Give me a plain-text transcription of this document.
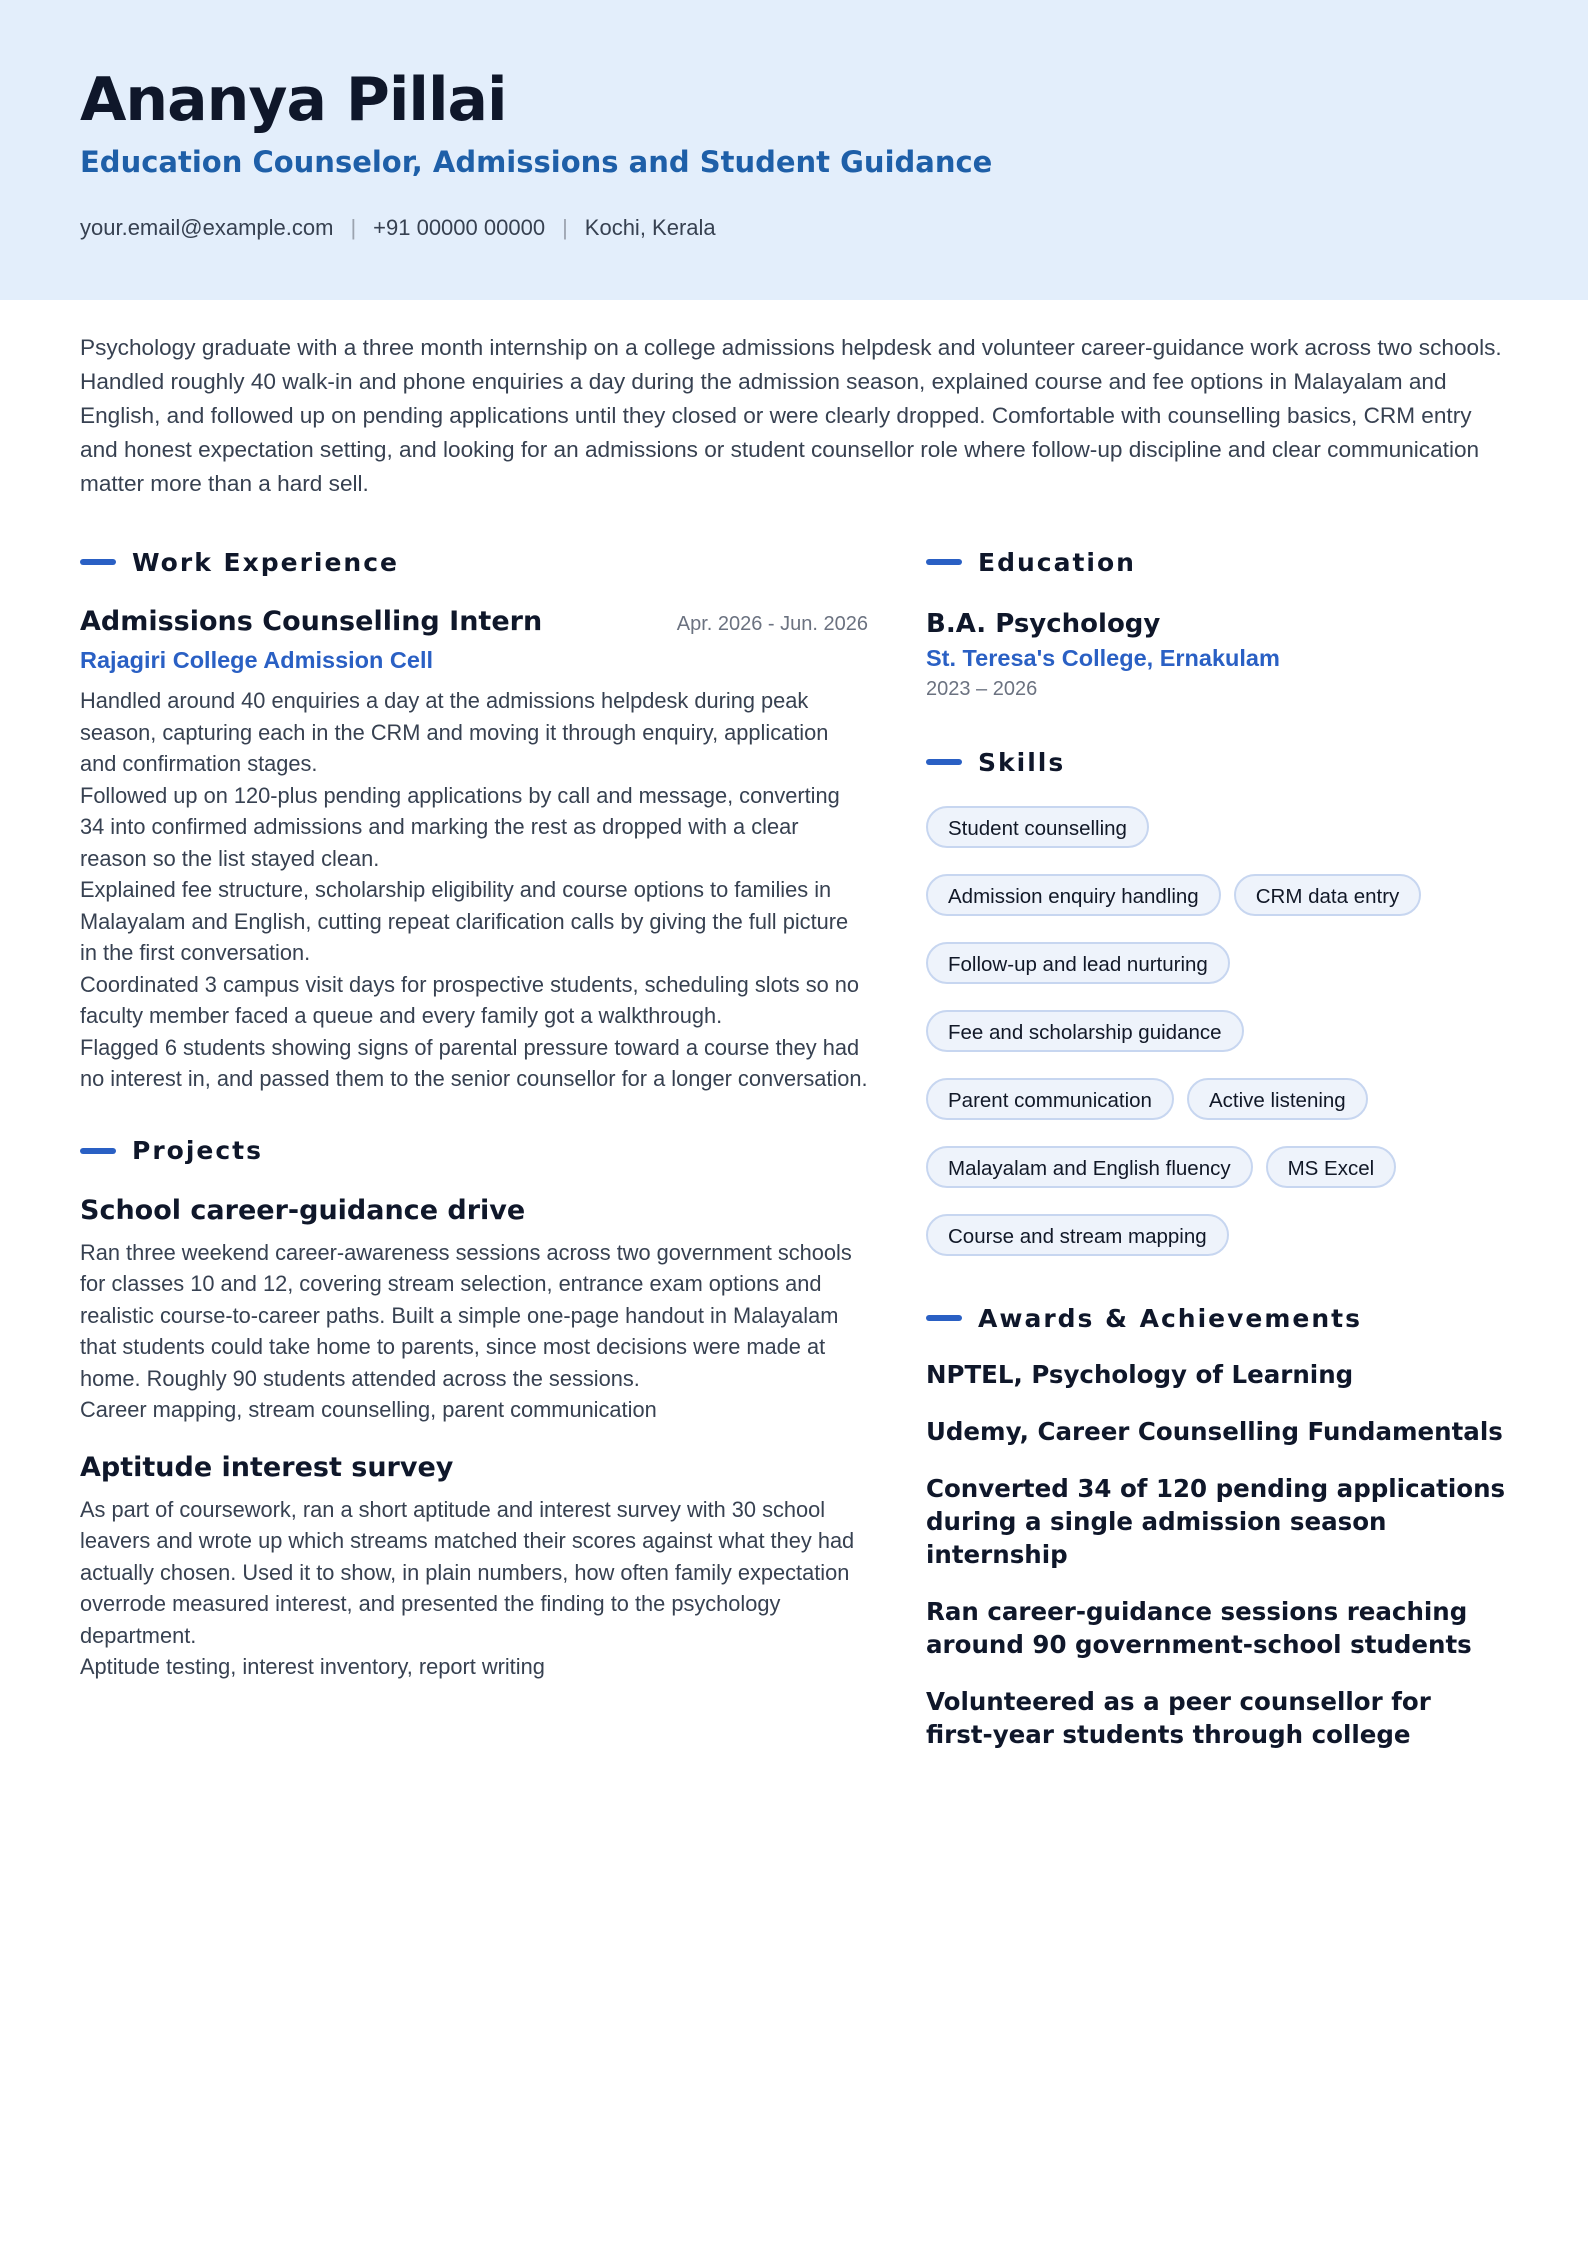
Ananya Pillai
Education Counselor, Admissions and Student Guidance
your.email@example.com | +91 00000 00000 | Kochi, Kerala

Psychology graduate with a three month internship on a college admissions helpdesk and volunteer career-guidance work across two schools. Handled roughly 40 walk-in and phone enquiries a day during the admission season, explained course and fee options in Malayalam and English, and followed up on pending applications until they closed or were clearly dropped. Comfortable with counselling basics, CRM entry and honest expectation setting, and looking for an admissions or student counsellor role where follow-up discipline and clear communication matter more than a hard sell.

Work Experience
Admissions Counselling Intern	Apr. 2026 - Jun. 2026
Rajagiri College Admission Cell
Handled around 40 enquiries a day at the admissions helpdesk during peak season, capturing each in the CRM and moving it through enquiry, application and confirmation stages.
Followed up on 120-plus pending applications by call and message, converting 34 into confirmed admissions and marking the rest as dropped with a clear reason so the list stayed clean.
Explained fee structure, scholarship eligibility and course options to families in Malayalam and English, cutting repeat clarification calls by giving the full picture in the first conversation.
Coordinated 3 campus visit days for prospective students, scheduling slots so no faculty member faced a queue and every family got a walkthrough.
Flagged 6 students showing signs of parental pressure toward a course they had no interest in, and passed them to the senior counsellor for a longer conversation.
Projects
School career-guidance drive
Ran three weekend career-awareness sessions across two government schools for classes 10 and 12, covering stream selection, entrance exam options and realistic course-to-career paths. Built a simple one-page handout in Malayalam that students could take home to parents, since most decisions were made at home. Roughly 90 students attended across the sessions.
Career mapping, stream counselling, parent communication
Aptitude interest survey
As part of coursework, ran a short aptitude and interest survey with 30 school leavers and wrote up which streams matched their scores against what they had actually chosen. Used it to show, in plain numbers, how often family expectation overrode measured interest, and presented the finding to the psychology department.
Aptitude testing, interest inventory, report writing
Education
B.A. Psychology
St. Teresa's College, Ernakulam
2023 – 2026
Skills
Student counselling
Admission enquiry handling	CRM data entry
Follow-up and lead nurturing
Fee and scholarship guidance
Parent communication	Active listening
Malayalam and English fluency	MS Excel
Course and stream mapping
Awards & Achievements
NPTEL, Psychology of Learning
Udemy, Career Counselling Fundamentals
Converted 34 of 120 pending applications during a single admission season internship
Ran career-guidance sessions reaching around 90 government-school students
Volunteered as a peer counsellor for first-year students through college
